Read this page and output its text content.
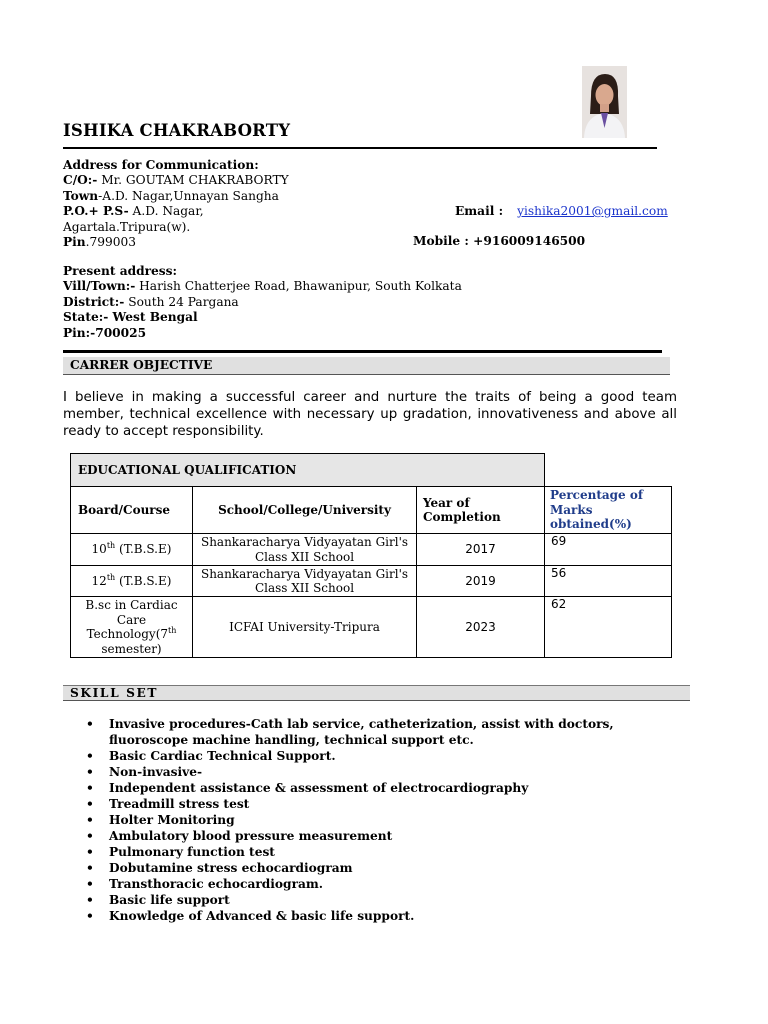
ISHIKA CHAKRABORTY
Address for Communication:
C/O:- Mr. GOUTAM CHAKRABORTY
Town-A.D. Nagar,Unnayan Sangha
P.O.+ P.S- A.D. Nagar,
Agartala.Tripura(w).
Pin.799003
Email : yishika2001@gmail.com
Mobile : +916009146500
Present address:
Vill/Town:- Harish Chatterjee Road, Bhawanipur, South Kolkata
District:- South 24 Pargana
State:- West Bengal
Pin:-700025
CARRER OBJECTIVE
I believe in making a successful career and nurture the traits of being a good team member, technical excellence with necessary up gradation, innovativeness and above all ready to accept responsibility.
EDUCATIONAL QUALIFICATION			
Board/Course	School/College/University	Year of Completion	Percentage of Marks obtained(%)
10th (T.B.S.E)	Shankaracharya Vidyayatan Girl's Class XII School	2017	69
12th (T.B.S.E)	Shankaracharya Vidyayatan Girl's Class XII School	2019	56
B.sc in Cardiac Care Technology(7th semester)	ICFAI University-Tripura	2023	62
SKILL SET
• Invasive procedures-Cath lab service, catheterization, assist with doctors, fluoroscope machine handling, technical support etc.
• Basic Cardiac Technical Support.
• Non-invasive-
• Independent assistance & assessment of electrocardiography
• Treadmill stress test
• Holter Monitoring
• Ambulatory blood pressure measurement
• Pulmonary function test
• Dobutamine stress echocardiogram
• Transthoracic echocardiogram.
• Basic life support
• Knowledge of Advanced & basic life support.
